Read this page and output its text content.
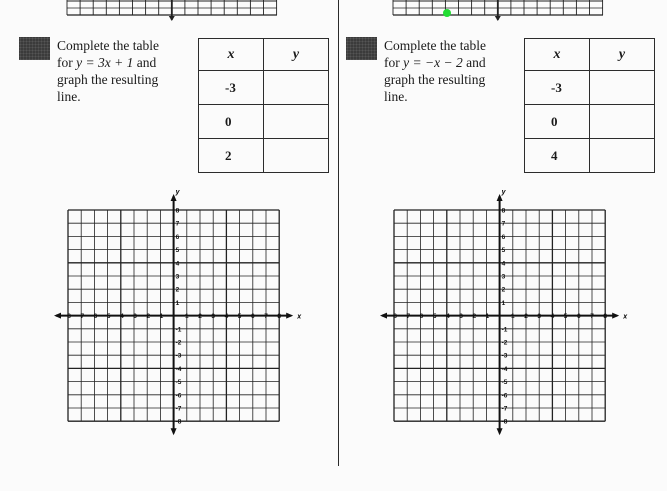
Complete the table for y = 3x + 1 and graph the resulting line.
x	y
-3	
0	
2	
Complete the table for y = −x − 2 and graph the resulting line.
x	y
-3	
0	
4	
x
y
-8 -7 -6 -5 -4 -3 -2 -1	1 2 3 4 5 6 7 8
8
7
6
5
4
3
2
1
-1
-2
-3
-4
-5
-6
-7
-8
x
y
-8 -7 -6 -5 -4 -3 -2 -1	1 2 3 4 5 6 7 8
8
7
6
5
4
3
2
1
-1
-2
-3
-4
-5
-6
-7
-8
